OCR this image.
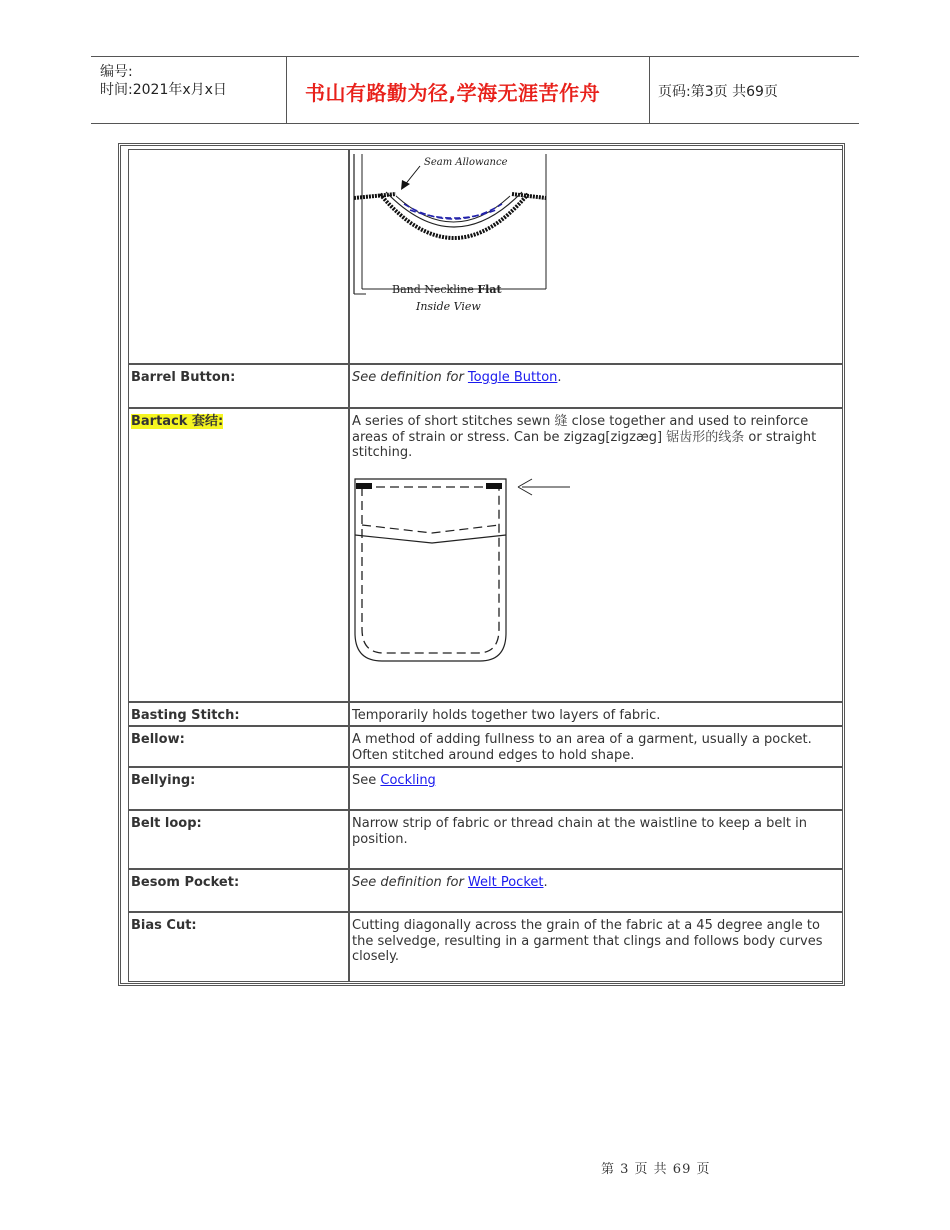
编号:
时间:2021年x月x日	书山有路勤为径,学海无涯苦作舟	页码:第3页 共69页
Seam Allowance
Band Neckline Flat
Inside View
Barrel Button:	See definition for Toggle Button.
Bartack 套结:	A series of short stitches sewn 缝 close together and used to reinforce areas of strain or stress. Can be zigzag[zigzæg] 锯齿形的线条 or straight stitching.
Basting Stitch:	Temporarily holds together two layers of fabric.
Bellow:	A method of adding fullness to an area of a garment, usually a pocket. Often stitched around edges to hold shape.
Bellying:	See Cockling
Belt loop:	Narrow strip of fabric or thread chain at the waistline to keep a belt in position.
Besom Pocket:	See definition for Welt Pocket.
Bias Cut:	Cutting diagonally across the grain of the fabric at a 45 degree angle to the selvedge, resulting in a garment that clings and follows body curves closely.
第 3 页 共 69 页
